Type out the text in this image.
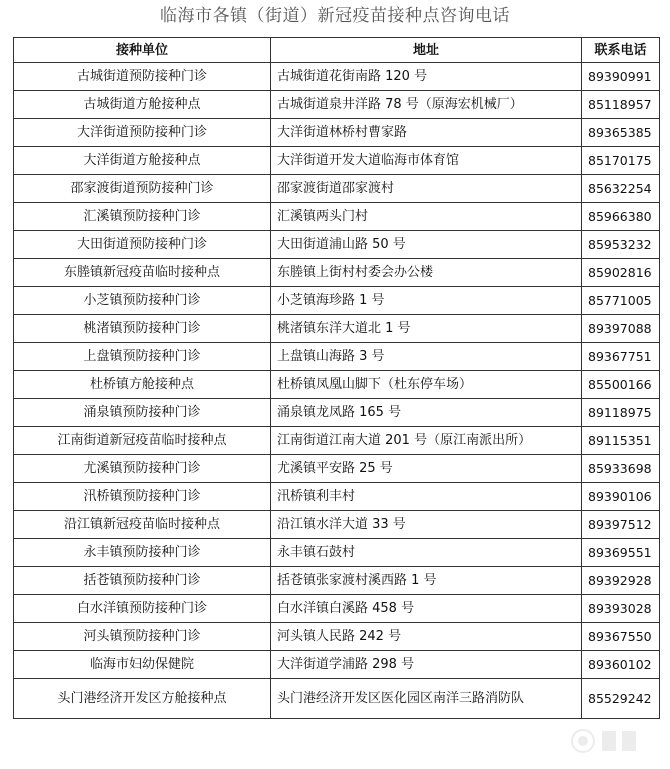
临海市各镇（街道）新冠疫苗接种点咨询电话
接种单位	地址	联系电话
古城街道预防接种门诊	古城街道花街南路 120 号	89390991
古城街道方舱接种点	古城街道泉井洋路 78 号（原海宏机械厂）	85118957
大洋街道预防接种门诊	大洋街道林桥村曹家路	89365385
大洋街道方舱接种点	大洋街道开发大道临海市体育馆	85170175
邵家渡街道预防接种门诊	邵家渡街道邵家渡村	85632254
汇溪镇预防接种门诊	汇溪镇两头门村	85966380
大田街道预防接种门诊	大田街道浦山路 50 号	85953232
东塍镇新冠疫苗临时接种点	东塍镇上街村村委会办公楼	85902816
小芝镇预防接种门诊	小芝镇海珍路 1 号	85771005
桃渚镇预防接种门诊	桃渚镇东洋大道北 1 号	89397088
上盘镇预防接种门诊	上盘镇山海路 3 号	89367751
杜桥镇方舱接种点	杜桥镇凤凰山脚下（杜东停车场）	85500166
涌泉镇预防接种门诊	涌泉镇龙凤路 165 号	89118975
江南街道新冠疫苗临时接种点	江南街道江南大道 201 号（原江南派出所）	89115351
尤溪镇预防接种门诊	尤溪镇平安路 25 号	85933698
汛桥镇预防接种门诊	汛桥镇利丰村	89390106
沿江镇新冠疫苗临时接种点	沿江镇水洋大道 33 号	89397512
永丰镇预防接种门诊	永丰镇石鼓村	89369551
括苍镇预防接种门诊	括苍镇张家渡村溪西路 1 号	89392928
白水洋镇预防接种门诊	白水洋镇白溪路 458 号	89393028
河头镇预防接种门诊	河头镇人民路 242 号	89367550
临海市妇幼保健院	大洋街道学浦路 298 号	89360102
头门港经济开发区方舱接种点	头门港经济开发区医化园区南洋三路消防队	85529242
